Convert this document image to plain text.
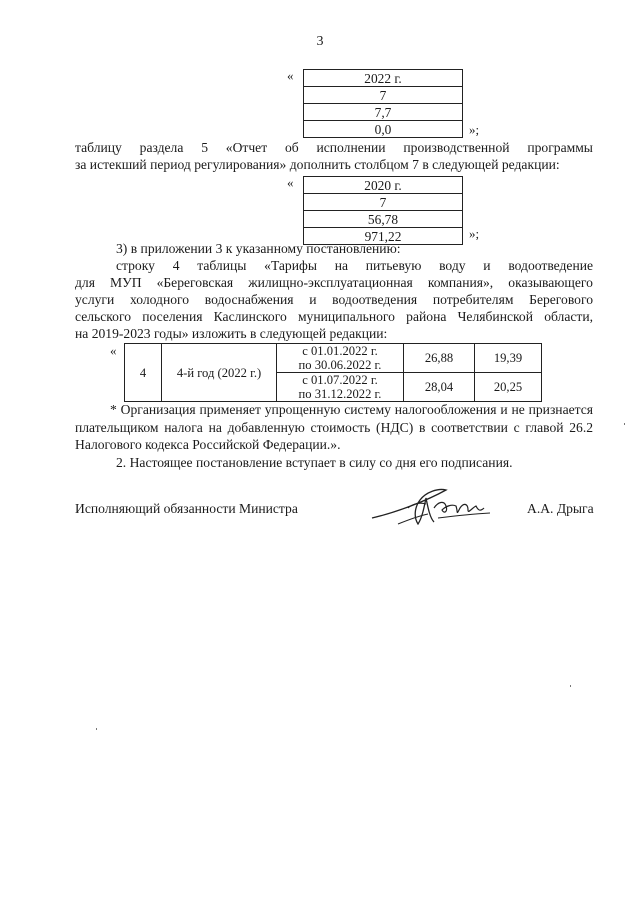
3
«	2022 г.
7
7,7
0,0	»;
таблицу раздела 5 «Отчет об исполнении производственной программы
за истекший период регулирования» дополнить столбцом 7 в следующей редакции:
«	2020 г.
7
56,78
971,22	»;
3) в приложении 3 к указанному постановлению:
строку 4 таблицы «Тарифы на питьевую воду и водоотведение
для МУП «Береговская жилищно-эксплуатационная компания», оказывающего
услуги холодного водоснабжения и водоотведения потребителям Берегового
сельского поселения Каслинского муниципального района Челябинской области,
на 2019-2023 годы» изложить в следующей редакции:
«
4	4-й год (2022 г.)	с 01.01.2022 г.
по 30.06.2022 г.	26,88	19,39

		с 01.07.2022 г.
по 31.12.2022 г.	28,04	20,25
* Организация применяет упрощенную систему налогообложения и не признается
плательщиком налога на добавленную стоимость (НДС) в соответствии с главой 26.2
Налогового кодекса Российской Федерации.».
2. Настоящее постановление вступает в силу со дня его подписания.
Исполняющий обязанности Министра	А.А. Дрыга
